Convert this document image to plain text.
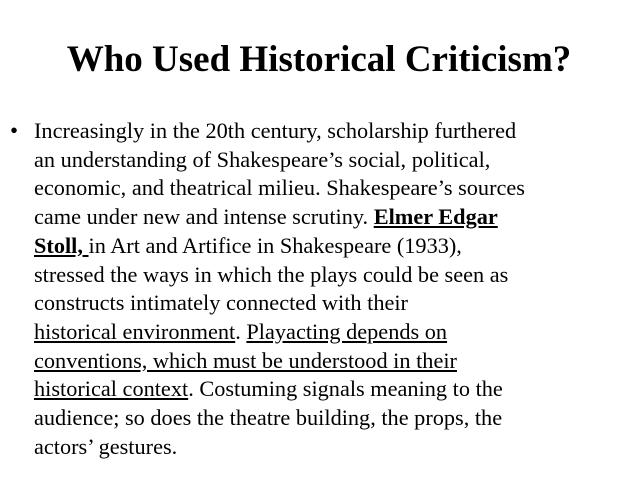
Who Used Historical Criticism?
• Increasingly in the 20th century, scholarship furthered
an understanding of Shakespeare’s social, political,
economic, and theatrical milieu. Shakespeare’s sources
came under new and intense scrutiny. Elmer Edgar
Stoll, in Art and Artifice in Shakespeare (1933),
stressed the ways in which the plays could be seen as
constructs intimately connected with their
historical environment. Playacting depends on
conventions, which must be understood in their
historical context. Costuming signals meaning to the
audience; so does the theatre building, the props, the
actors’ gestures.
